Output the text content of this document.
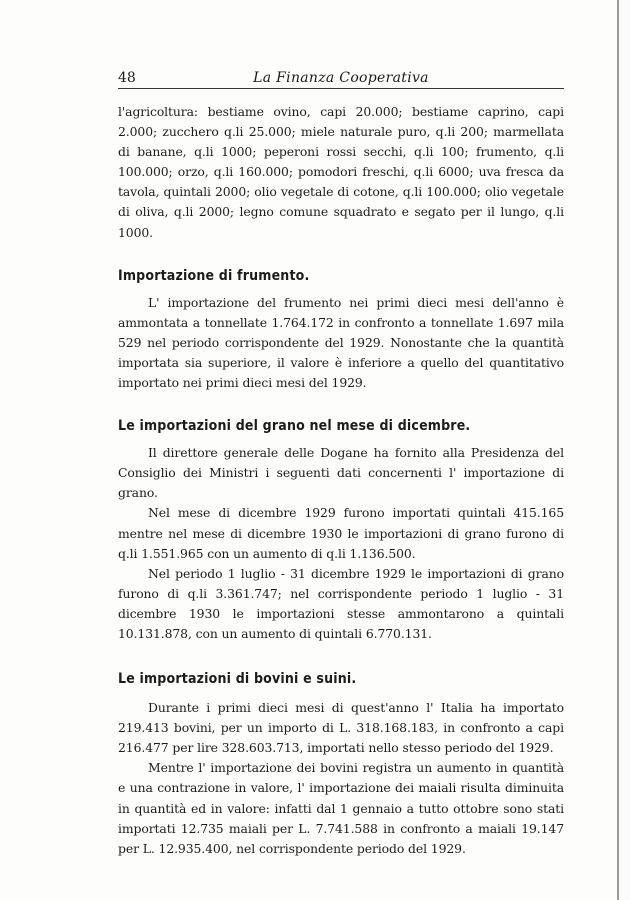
48	La Finanza Cooperativa

l'agricoltura: bestiame ovino, capi 20.000; bestiame caprino, capi 2.000; zucchero q.li 25.000; miele naturale puro, q.li 200; marmellata di banane, q.li 1000; peperoni rossi secchi, q.li 100; frumento, q.li 100.000; orzo, q.li 160.000; pomodori freschi, q.li 6000; uva fresca da tavola, quintali 2000; olio vegetale di cotone, q.li 100.000; olio vegetale di oliva, q.li 2000; legno comune squadrato e segato per il lungo, q.li 1000.

Importazione di frumento.

L' importazione del frumento nei primi dieci mesi dell'anno è ammontata a tonnellate 1.764.172 in confronto a tonnellate 1.697 mila 529 nel periodo corrispondente del 1929. Nonostante che la quantità importata sia superiore, il valore è inferiore a quello del quantitativo importato nei primi dieci mesi del 1929.

Le importazioni del grano nel mese di dicembre.

Il direttore generale delle Dogane ha fornito alla Presidenza del Consiglio dei Ministri i seguenti dati concernenti l' importazione di grano.

Nel mese di dicembre 1929 furono importati quintali 415.165 mentre nel mese di dicembre 1930 le importazioni di grano furono di q.li 1.551.965 con un aumento di q.li 1.136.500.

Nel periodo 1 luglio - 31 dicembre 1929 le importazioni di grano furono di q.li 3.361.747; nel corrispondente periodo 1 luglio - 31 dicembre 1930 le importazioni stesse ammontarono a quintali 10.131.878, con un aumento di quintali 6.770.131.

Le importazioni di bovini e suini.

Durante i primi dieci mesi di quest'anno l' Italia ha importato 219.413 bovini, per un importo di L. 318.168.183, in confronto a capi 216.477 per lire 328.603.713, importati nello stesso periodo del 1929.

Mentre l' importazione dei bovini registra un aumento in quantità e una contrazione in valore, l' importazione dei maiali risulta diminuita in quantità ed in valore: infatti dal 1 gennaio a tutto ottobre sono stati importati 12.735 maiali per L. 7.741.588 in confronto a maiali 19.147 per L. 12.935.400, nel corrispondente periodo del 1929.
